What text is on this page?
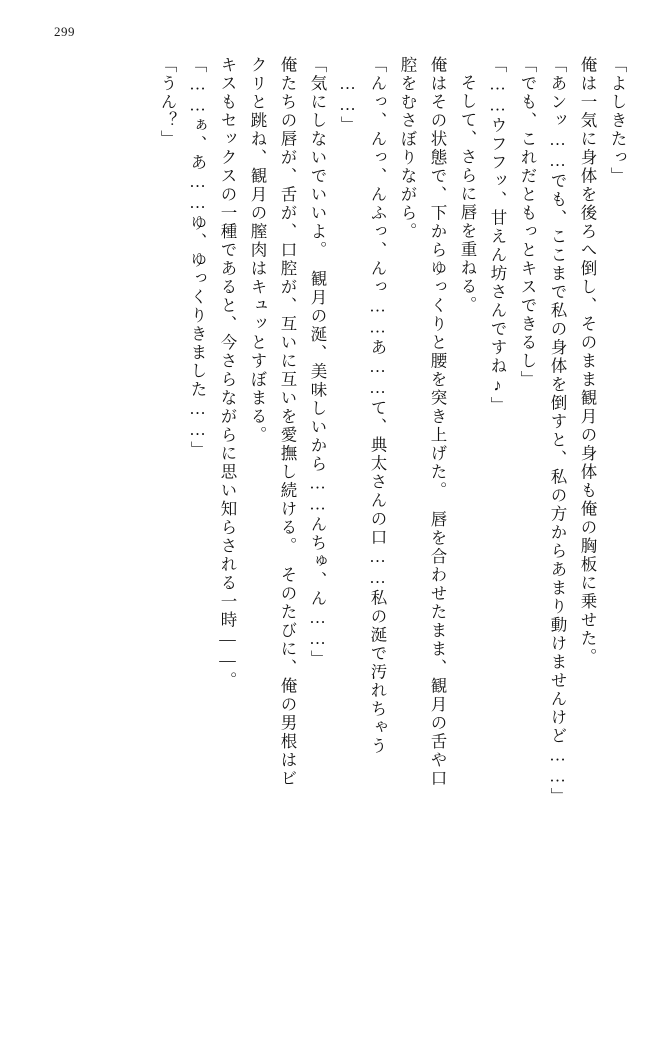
299
「よしきたっ」
俺は一気に身体を後ろへ倒し、そのまま観月の身体も俺の胸板に乗せた。
「あンッ……でも、ここまで私の身体を倒すと、私の方からあまり動けませんけど……」
「でも、これだともっとキスできるし」
「……ウフフッ、甘えん坊さんですね♪」
そして、さらに唇を重ねる。
俺はその状態で、下からゆっくりと腰を突き上げた。　唇を合わせたまま、観月の舌や口
腔をむさぼりながら。
「んっ、んっ、んふっ、んっ……あ……て、典太さんの口……私の涎で汚れちゃう
……」
「気にしないでいいよ。　観月の涎、美味しいから……んちゅ、ん……」
俺たちの唇が、舌が、口腔が、互いに互いを愛撫し続ける。　そのたびに、俺の男根はビ
クリと跳ね、観月の膣肉はキュッとすぼまる。
キスもセックスの一種であると、今さらながらに思い知らされる一時——。
「……ぁ、あ……ゆ、ゆっくりきました……」
「うん？」
